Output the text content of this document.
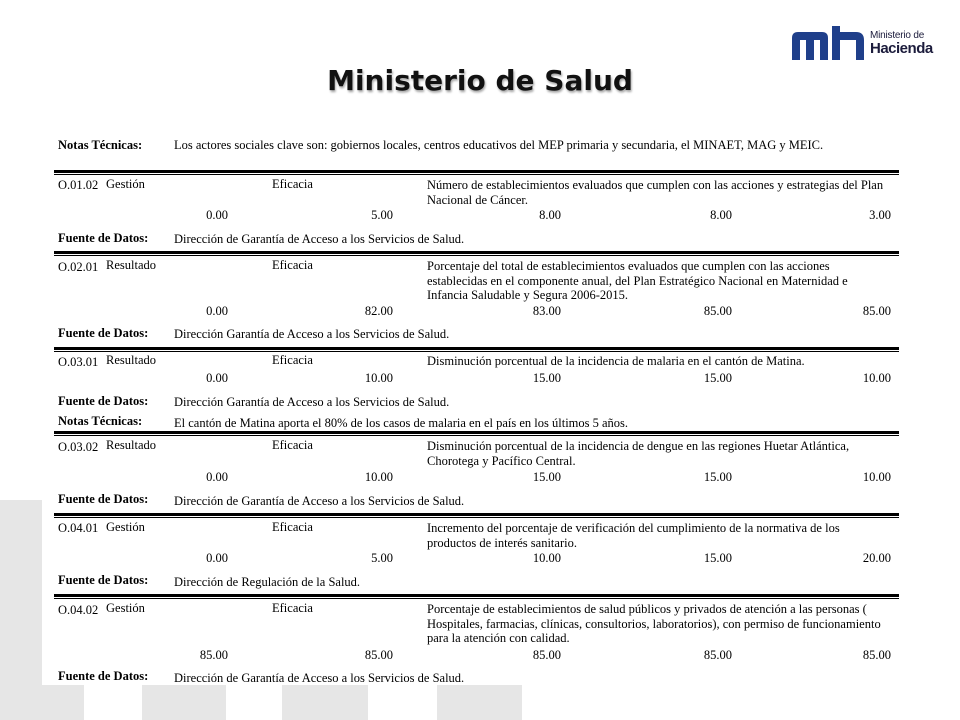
Ministerio de
Hacienda
Ministerio de Salud
Notas Técnicas:	Los actores sociales clave son: gobiernos locales, centros educativos del MEP primaria y secundaria, el MINAET, MAG y MEIC.
O.01.02 Gestión	Eficacia	Número de establecimientos evaluados que cumplen con las acciones y estrategias del Plan Nacional de Cáncer.
0.00	5.00	8.00	8.00	3.00
Fuente de Datos: Dirección de Garantía de Acceso a los Servicios de Salud.
O.02.01 Resultado	Eficacia	Porcentaje del total de establecimientos evaluados que cumplen con las acciones establecidas en el componente anual, del Plan Estratégico Nacional en Maternidad e Infancia Saludable y Segura 2006-2015.
0.00	82.00	83.00	85.00	85.00
Fuente de Datos: Dirección Garantía de Acceso a los Servicios de Salud.
O.03.01 Resultado	Eficacia	Disminución porcentual de la incidencia de malaria en el cantón de Matina.
0.00	10.00	15.00	15.00	10.00
Fuente de Datos: Dirección Garantía de Acceso a los Servicios de Salud.
Notas Técnicas:	El cantón de Matina aporta el 80% de los casos de malaria en el país en los últimos 5 años.
O.03.02 Resultado	Eficacia	Disminución porcentual de la incidencia de dengue en las regiones Huetar Atlántica, Chorotega y Pacífico Central.
0.00	10.00	15.00	15.00	10.00
Fuente de Datos: Dirección de Garantía de Acceso a los Servicios de Salud.
O.04.01 Gestión	Eficacia	Incremento del porcentaje de verificación del cumplimiento de la normativa de los productos de interés sanitario.
0.00	5.00	10.00	15.00	20.00
Fuente de Datos: Dirección de Regulación de la Salud.
O.04.02 Gestión	Eficacia	Porcentaje de establecimientos de salud públicos y privados de atención a las personas ( Hospitales, farmacias, clínicas, consultorios, laboratorios), con permiso de funcionamiento para la atención con calidad.
85.00	85.00	85.00	85.00	85.00
Fuente de Datos: Dirección de Garantía de Acceso a los Servicios de Salud.
